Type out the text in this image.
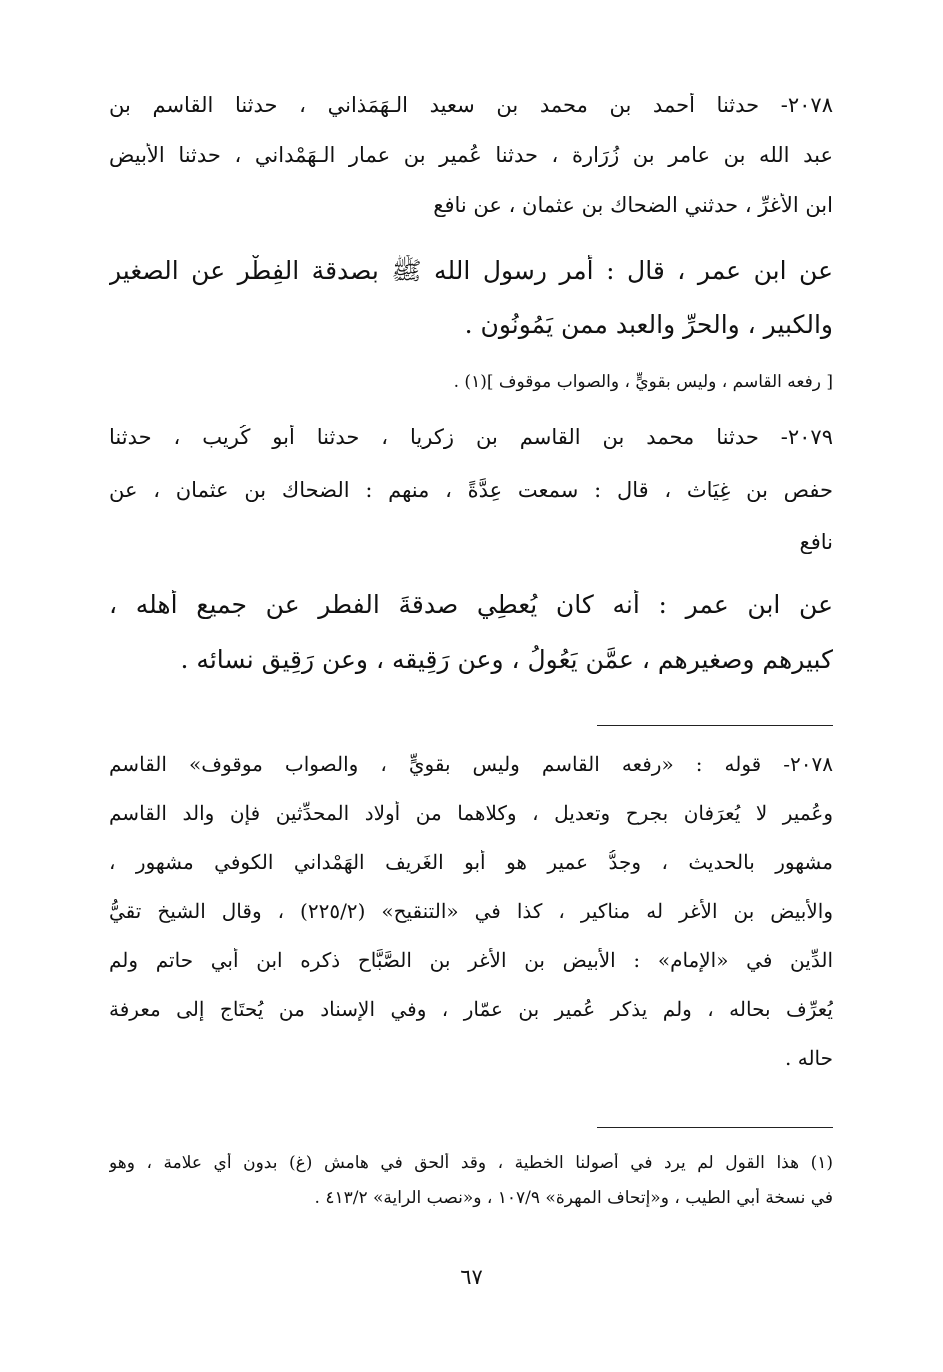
٢٠٧٨- حدثنا أحمد بن محمد بن سعيد الـهَمَذاني ، حدثنا القاسم بن
عبد الله بن عامر بن زُرَارة ، حدثنا عُمير بن عمار الـهَمْداني ، حدثنا الأبيض
ابن الأَغرِّ ، حدثني الضحاك بن عثمان ، عن نافع
عن ابن عمر ، قال : أمر رسول الله ﷺ بصدقة الفِطْر عن الصغير
والكبير ، والحرِّ والعبد ممن يَمُونُون .
[ رفعه القاسم ، وليس بقويٍّ ، والصواب موقوف ](١) .
٢٠٧٩- حدثنا محمد بن القاسم بن زكريا ، حدثنا أبو كُريب ، حدثنا
حفص بن غِيَاث ، قال : سمعت عِدَّةً ، منهم : الضحاك بن عثمان ، عن
نافع
عن ابن عمر : أنه كان يُعطِي صدقةَ الفطر عن جميع أهله ،
كبيرهم وصغيرهم ، عمَّن يَعُولُ ، وعن رَقِيقه ، وعن رَقِيق نسائه .
٢٠٧٨- قوله : «رفعه القاسم وليس بقويٍّ ، والصواب موقوف» القاسم
وعُمير لا يُعرَفان بجرح وتعديل ، وكلاهما من أولاد المحدِّثين فإن والد القاسم
مشهور بالحديث ، وجدُّ عمير هو أبو الغَريف الهَمْداني الكوفي مشهور ،
والأبيض بن الأَغر له مناكير ، كذا في «التنقيح» (٢٢٥/٢) ، وقال الشيخ تقيُّ
الدِّين في «الإمام» : الأبيض بن الأغر بن الصَّبَّاح ذكره ابن أبي حاتم ولم
يُعرِّف بحاله ، ولم يذكر عُمير بن عمّار ، وفي الإسناد من يُحتَاج إلى معرفة
حاله .
(١) هذا القول لم يرد في أصولنا الخطية ، وقد ألحق في هامش (غ) بدون أي علامة ، وهو
في نسخة أبي الطيب ، و«إتحاف المهرة» ١٠٧/٩ ، و«نصب الراية» ٤١٣/٢ .
٦٧
